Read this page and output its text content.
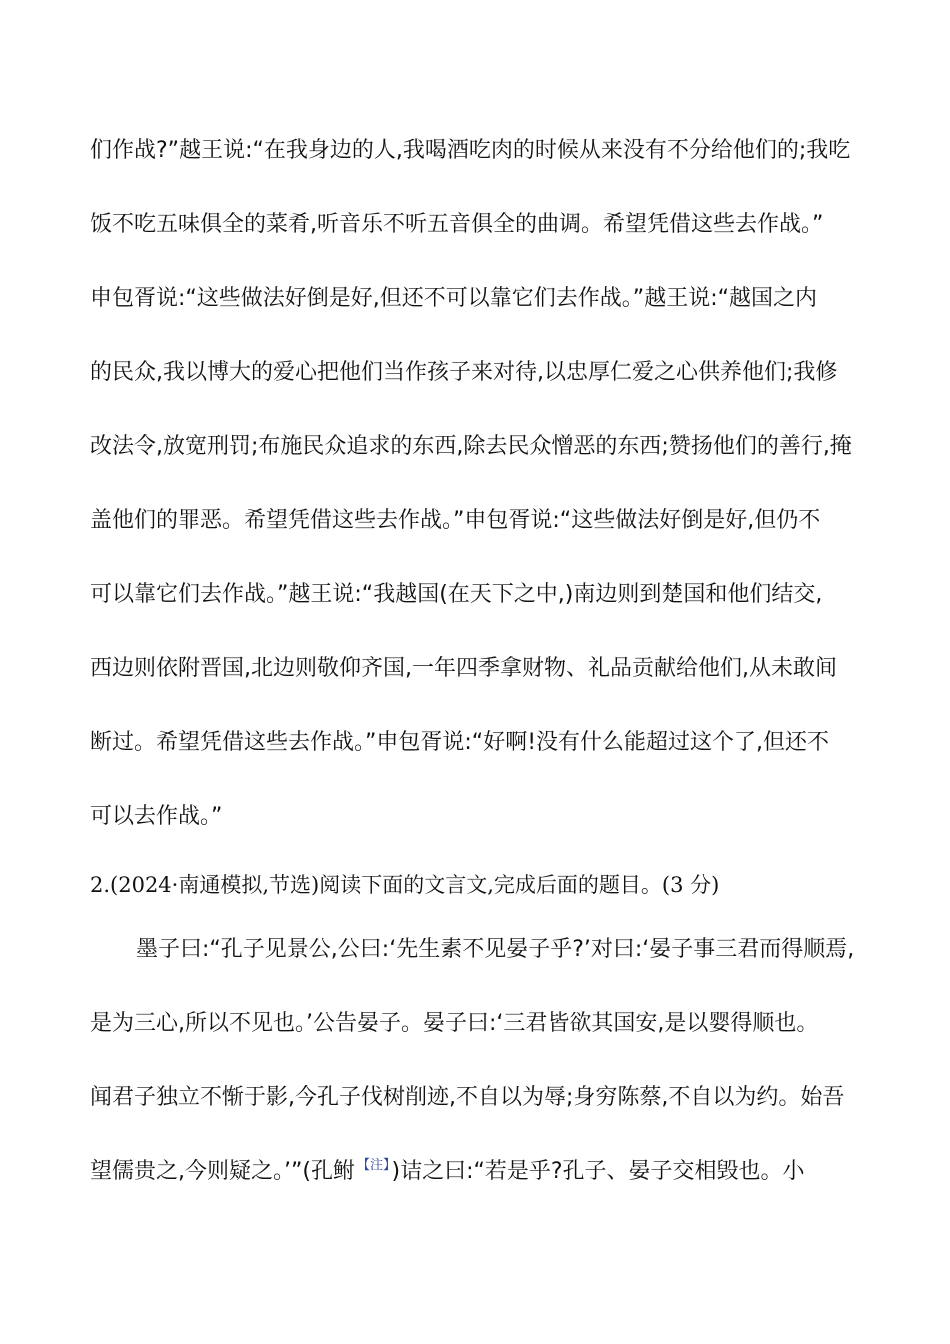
们作战?”越王说:“在我身边的人,我喝酒吃肉的时候从来没有不分给他们的;我吃
饭不吃五味俱全的菜肴,听音乐不听五音俱全的曲调。希望凭借这些去作战。”
申包胥说:“这些做法好倒是好,但还不可以靠它们去作战。”越王说:“越国之内
的民众,我以博大的爱心把他们当作孩子来对待,以忠厚仁爱之心供养他们;我修
改法令,放宽刑罚;布施民众追求的东西,除去民众憎恶的东西;赞扬他们的善行,掩
盖他们的罪恶。希望凭借这些去作战。”申包胥说:“这些做法好倒是好,但仍不
可以靠它们去作战。”越王说:“我越国(在天下之中,)南边则到楚国和他们结交,
西边则依附晋国,北边则敬仰齐国,一年四季拿财物、礼品贡献给他们,从未敢间
断过。希望凭借这些去作战。”申包胥说:“好啊!没有什么能超过这个了,但还不
可以去作战。”
2.(2024·南通模拟,节选)阅读下面的文言文,完成后面的题目。(3 分)
墨子曰:“孔子见景公,公曰:‘先生素不见晏子乎?’对曰:‘晏子事三君而得顺焉,
是为三心,所以不见也。’公告晏子。晏子曰:‘三君皆欲其国安,是以婴得顺也。
闻君子独立不惭于影,今孔子伐树削迹,不自以为辱;身穷陈蔡,不自以为约。始吾
望儒贵之,今则疑之。’”(孔鲋 $^{【注】}$)诘之曰:“若是乎?孔子、晏子交相毁也。小
